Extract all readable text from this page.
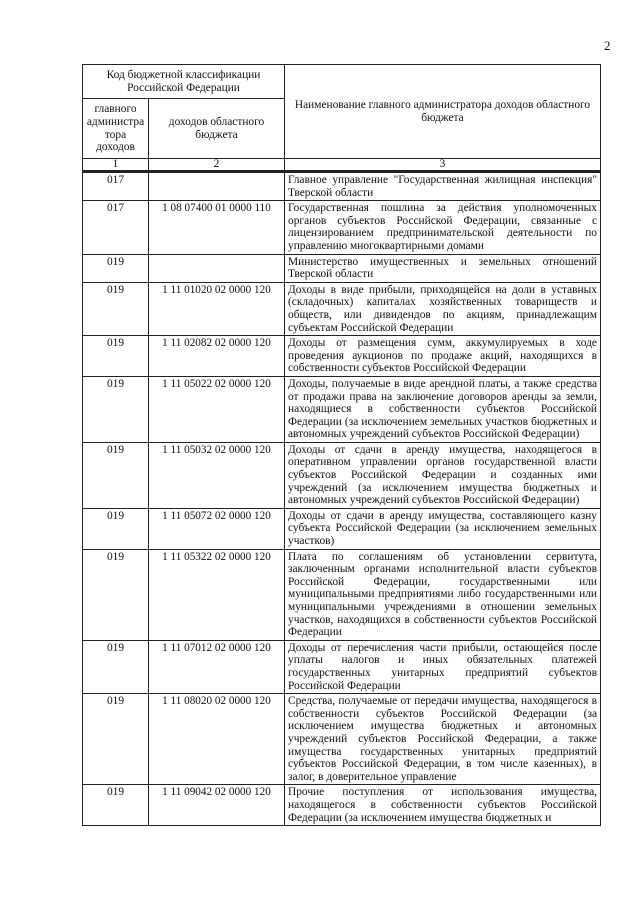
2
Код бюджетной классификации Российской Федерации		Наименование главного администратора доходов областного бюджета
главного администра тора доходов	доходов областного бюджета	
1	2	3
017		Главное управление "Государственная жилищная инспекция" Тверской области
017	1 08 07400 01 0000 110	Государственная пошлина за действия уполномоченных органов субъектов Российской Федерации, связанные с лицензированием предпринимательской деятельности по управлению многоквартирными домами
019		Министерство имущественных и земельных отношений Тверской области
019	1 11 01020 02 0000 120	Доходы в виде прибыли, приходящейся на доли в уставных (складочных) капиталах хозяйственных товариществ и обществ, или дивидендов по акциям, принадлежащим субъектам Российской Федерации
019	1 11 02082 02 0000 120	Доходы от размещения сумм, аккумулируемых в ходе проведения аукционов по продаже акций, находящихся в собственности субъектов Российской Федерации
019	1 11 05022 02 0000 120	Доходы, получаемые в виде арендной платы, а также средства от продажи права на заключение договоров аренды за земли, находящиеся в собственности субъектов Российской Федерации (за исключением земельных участков бюджетных и автономных учреждений субъектов Российской Федерации)
019	1 11 05032 02 0000 120	Доходы от сдачи в аренду имущества, находящегося в оперативном управлении органов государственной власти субъектов Российской Федерации и созданных ими учреждений (за исключением имущества бюджетных и автономных учреждений субъектов Российской Федерации)
019	1 11 05072 02 0000 120	Доходы от сдачи в аренду имущества, составляющего казну субъекта Российской Федерации (за исключением земельных участков)
019	1 11 05322 02 0000 120	Плата по соглашениям об установлении сервитута, заключенным органами исполнительной власти субъектов Российской Федерации, государственными или муниципальными предприятиями либо государственными или муниципальными учреждениями в отношении земельных участков, находящихся в собственности субъектов Российской Федерации
019	1 11 07012 02 0000 120	Доходы от перечисления части прибыли, остающейся после уплаты налогов и иных обязательных платежей государственных унитарных предприятий субъектов Российской Федерации
019	1 11 08020 02 0000 120	Средства, получаемые от передачи имущества, находящегося в собственности субъектов Российской Федерации (за исключением имущества бюджетных и автономных учреждений субъектов Российской Федерации, а также имущества государственных унитарных предприятий субъектов Российской Федерации, в том числе казенных), в залог, в доверительное управление
019	1 11 09042 02 0000 120	Прочие поступления от использования имущества, находящегося в собственности субъектов Российской Федерации (за исключением имущества бюджетных и
